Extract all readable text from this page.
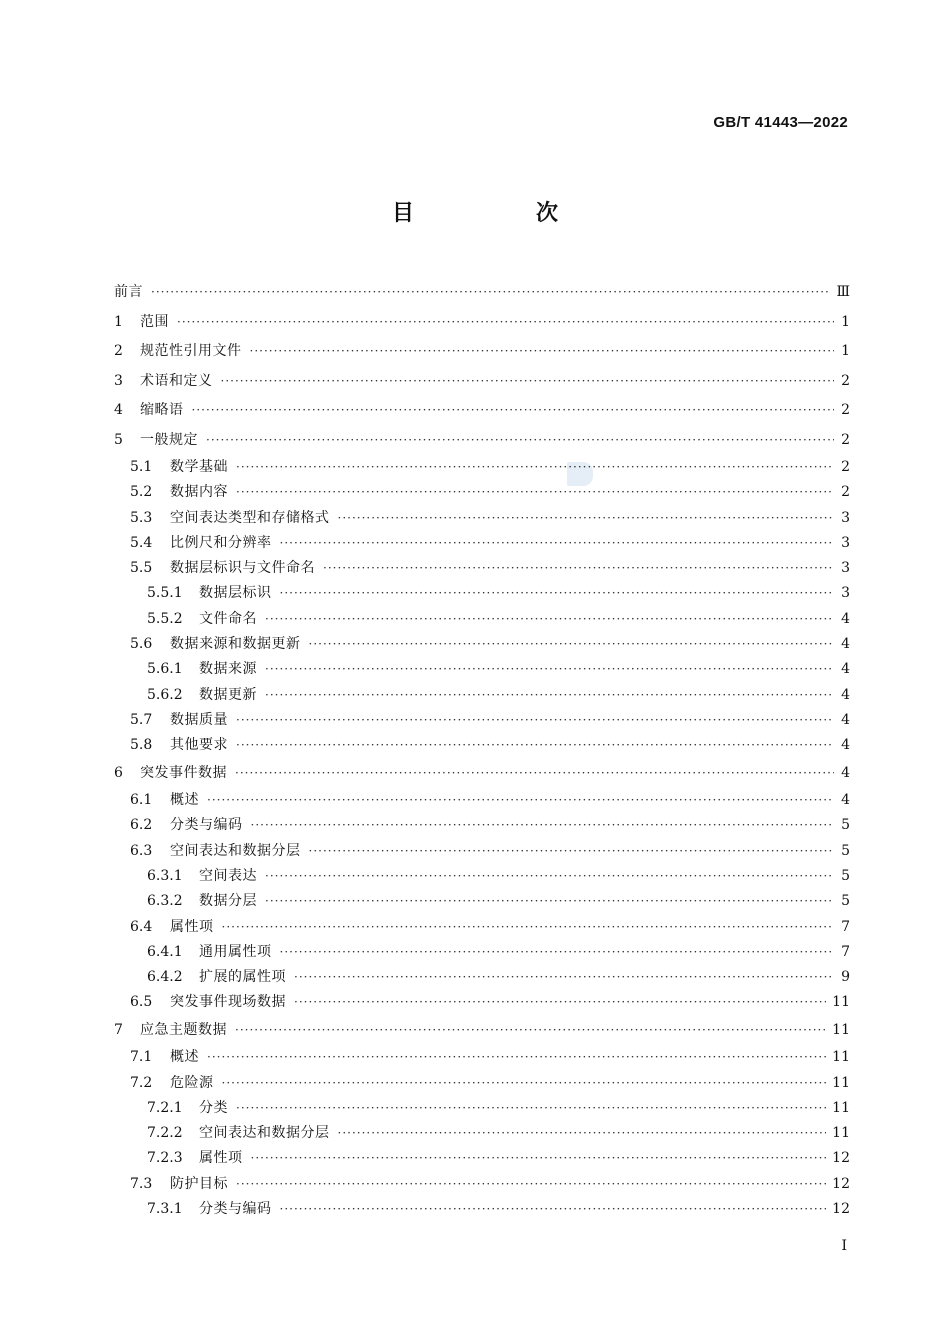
GB/T 41443—2022
目　次
前言 ·····	Ⅲ
1	范围 ·····	1
2	规范性引用文件 ·····	1
3	术语和定义 ·····	2
4	缩略语 ·····	2
5	一般规定 ·····	2
5.1	数学基础 ·····	2
5.2	数据内容 ·····	2
5.3	空间表达类型和存储格式 ·····	3
5.4	比例尺和分辨率 ·····	3
5.5	数据层标识与文件命名 ·····	3
5.5.1	数据层标识 ·····	3
5.5.2	文件命名 ·····	4
5.6	数据来源和数据更新 ·····	4
5.6.1	数据来源 ·····	4
5.6.2	数据更新 ·····	4
5.7	数据质量 ·····	4
5.8	其他要求 ·····	4
6	突发事件数据 ·····	4
6.1	概述 ·····	4
6.2	分类与编码 ·····	5
6.3	空间表达和数据分层 ·····	5
6.3.1	空间表达 ·····	5
6.3.2	数据分层 ·····	5
6.4	属性项 ·····	7
6.4.1	通用属性项 ·····	7
6.4.2	扩展的属性项 ·····	9
6.5	突发事件现场数据 ·····	11
7	应急主题数据 ·····	11
7.1	概述 ·····	11
7.2	危险源 ·····	11
7.2.1	分类 ·····	11
7.2.2	空间表达和数据分层 ·····	11
7.2.3	属性项 ·····	12
7.3	防护目标 ·····	12
7.3.1	分类与编码 ·····	12
Ⅰ
